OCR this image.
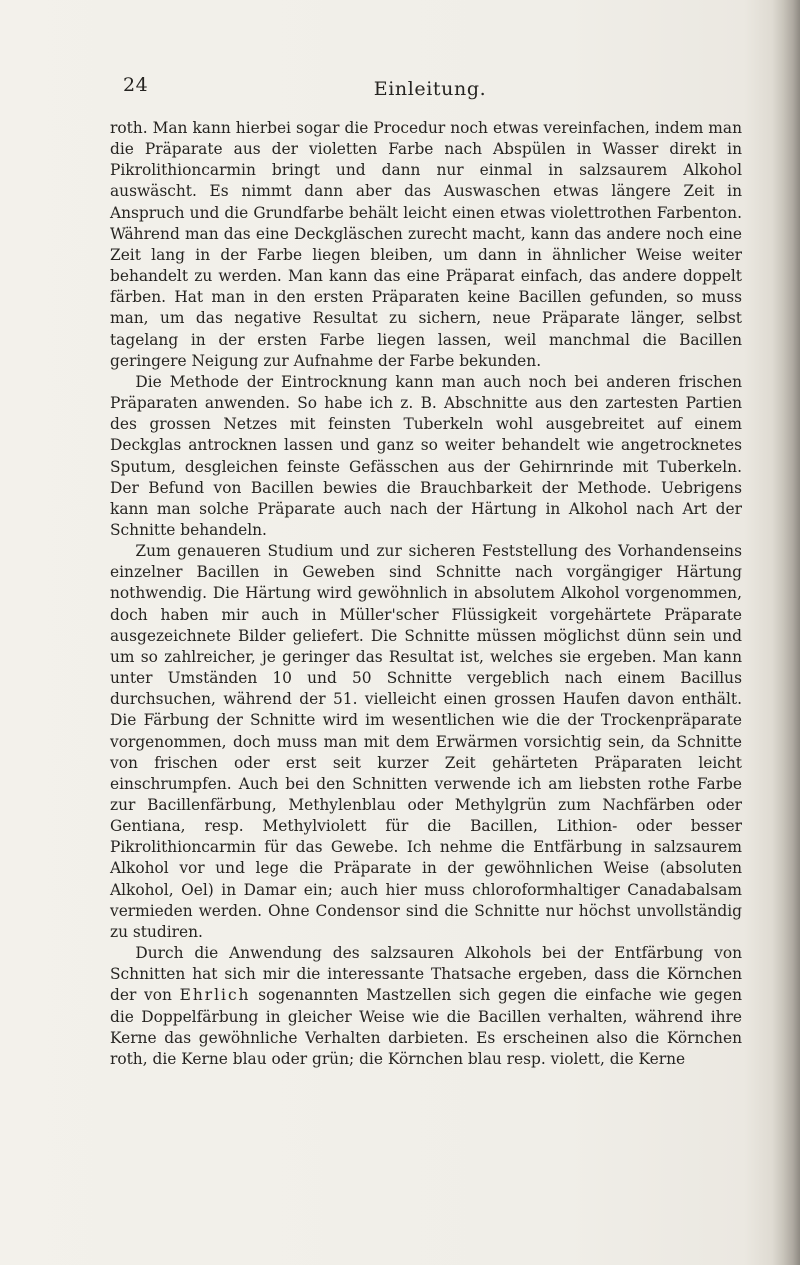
24	Einleitung.

roth. Man kann hierbei sogar die Procedur noch etwas vereinfachen, indem man die Präparate aus der violetten Farbe nach Abspülen in Wasser direkt in Pikrolithioncarmin bringt und dann nur einmal in salzsaurem Alkohol auswäscht. Es nimmt dann aber das Auswaschen etwas längere Zeit in Anspruch und die Grundfarbe behält leicht einen etwas violettrothen Farbenton. Während man das eine Deckgläschen zurecht macht, kann das andere noch eine Zeit lang in der Farbe liegen bleiben, um dann in ähnlicher Weise weiter behandelt zu werden. Man kann das eine Präparat einfach, das andere doppelt färben. Hat man in den ersten Präparaten keine Bacillen gefunden, so muss man, um das negative Resultat zu sichern, neue Präparate länger, selbst tagelang in der ersten Farbe liegen lassen, weil manchmal die Bacillen geringere Neigung zur Aufnahme der Farbe bekunden.

Die Methode der Eintrocknung kann man auch noch bei anderen frischen Präparaten anwenden. So habe ich z. B. Abschnitte aus den zartesten Partien des grossen Netzes mit feinsten Tuberkeln wohl ausgebreitet auf einem Deckglas antrocknen lassen und ganz so weiter behandelt wie angetrocknetes Sputum, desgleichen feinste Gefässchen aus der Gehirnrinde mit Tuberkeln. Der Befund von Bacillen bewies die Brauchbarkeit der Methode. Uebrigens kann man solche Präparate auch nach der Härtung in Alkohol nach Art der Schnitte behandeln.

Zum genaueren Studium und zur sicheren Feststellung des Vorhandenseins einzelner Bacillen in Geweben sind Schnitte nach vorgängiger Härtung nothwendig. Die Härtung wird gewöhnlich in absolutem Alkohol vorgenommen, doch haben mir auch in Müller'scher Flüssigkeit vorgehärtete Präparate ausgezeichnete Bilder geliefert. Die Schnitte müssen möglichst dünn sein und um so zahlreicher, je geringer das Resultat ist, welches sie ergeben. Man kann unter Umständen 10 und 50 Schnitte vergeblich nach einem Bacillus durchsuchen, während der 51. vielleicht einen grossen Haufen davon enthält. Die Färbung der Schnitte wird im wesentlichen wie die der Trockenpräparate vorgenommen, doch muss man mit dem Erwärmen vorsichtig sein, da Schnitte von frischen oder erst seit kurzer Zeit gehärteten Präparaten leicht einschrumpfen. Auch bei den Schnitten verwende ich am liebsten rothe Farbe zur Bacillenfärbung, Methylenblau oder Methylgrün zum Nachfärben oder Gentiana, resp. Methylviolett für die Bacillen, Lithion- oder besser Pikrolithioncarmin für das Gewebe. Ich nehme die Entfärbung in salzsaurem Alkohol vor und lege die Präparate in der gewöhnlichen Weise (absoluten Alkohol, Oel) in Damar ein; auch hier muss chloroformhaltiger Canadabalsam vermieden werden. Ohne Condensor sind die Schnitte nur höchst unvollständig zu studiren.

Durch die Anwendung des salzsauren Alkohols bei der Entfärbung von Schnitten hat sich mir die interessante Thatsache ergeben, dass die Körnchen der von Ehrlich sogenannten Mastzellen sich gegen die einfache wie gegen die Doppelfärbung in gleicher Weise wie die Bacillen verhalten, während ihre Kerne das gewöhnliche Verhalten darbieten. Es erscheinen also die Körnchen roth, die Kerne blau oder grün; die Körnchen blau resp. violett, die Kerne
